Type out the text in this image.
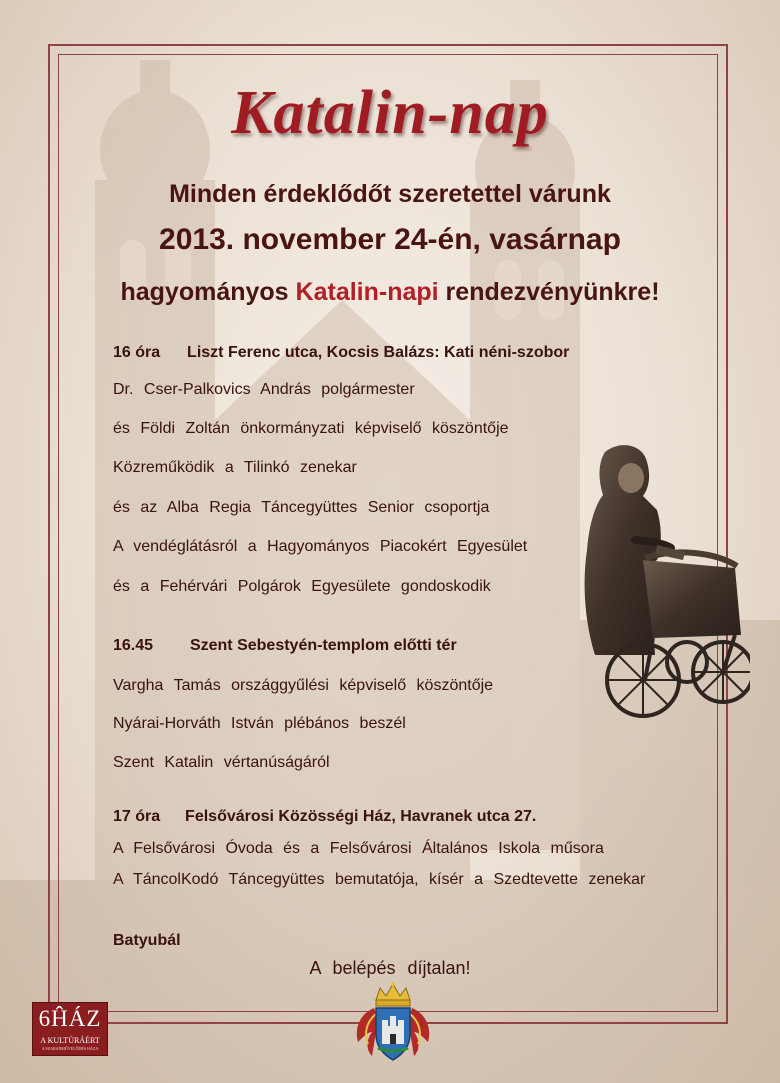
Katalin-nap
Minden érdeklődőt szeretettel várunk
2013. november 24-én, vasárnap
hagyományos Katalin-napi rendezvényünkre!
16 óra Liszt Ferenc utca, Kocsis Balázs: Kati néni-szobor
Dr. Cser-Palkovics András polgármester
és Földi Zoltán önkormányzati képviselő köszöntője
Közreműködik a Tilinkó zenekar
és az Alba Regia Táncegyüttes Senior csoportja
A vendéglátásról a Hagyományos Piacokért Egyesület
és a Fehérvári Polgárok Egyesülete gondoskodik
16.45 Szent Sebestyén-templom előtti tér
Vargha Tamás országgyűlési képviselő köszöntője
Nyárai-Horváth István plébános beszél
Szent Katalin vértanúságáról
17 óra Felsővárosi Közösségi Ház, Havranek utca 27.
A Felsővárosi Óvoda és a Felsővárosi Általános Iskola műsora
A TáncolKodó Táncegyüttes bemutatója, kísér a Szedtevette zenekar
Batyubál
A belépés díjtalan!
6ĤÁZ
A KULTÚRÁÉRT
A SZABADMŰVELŐDÉS HÁZA
